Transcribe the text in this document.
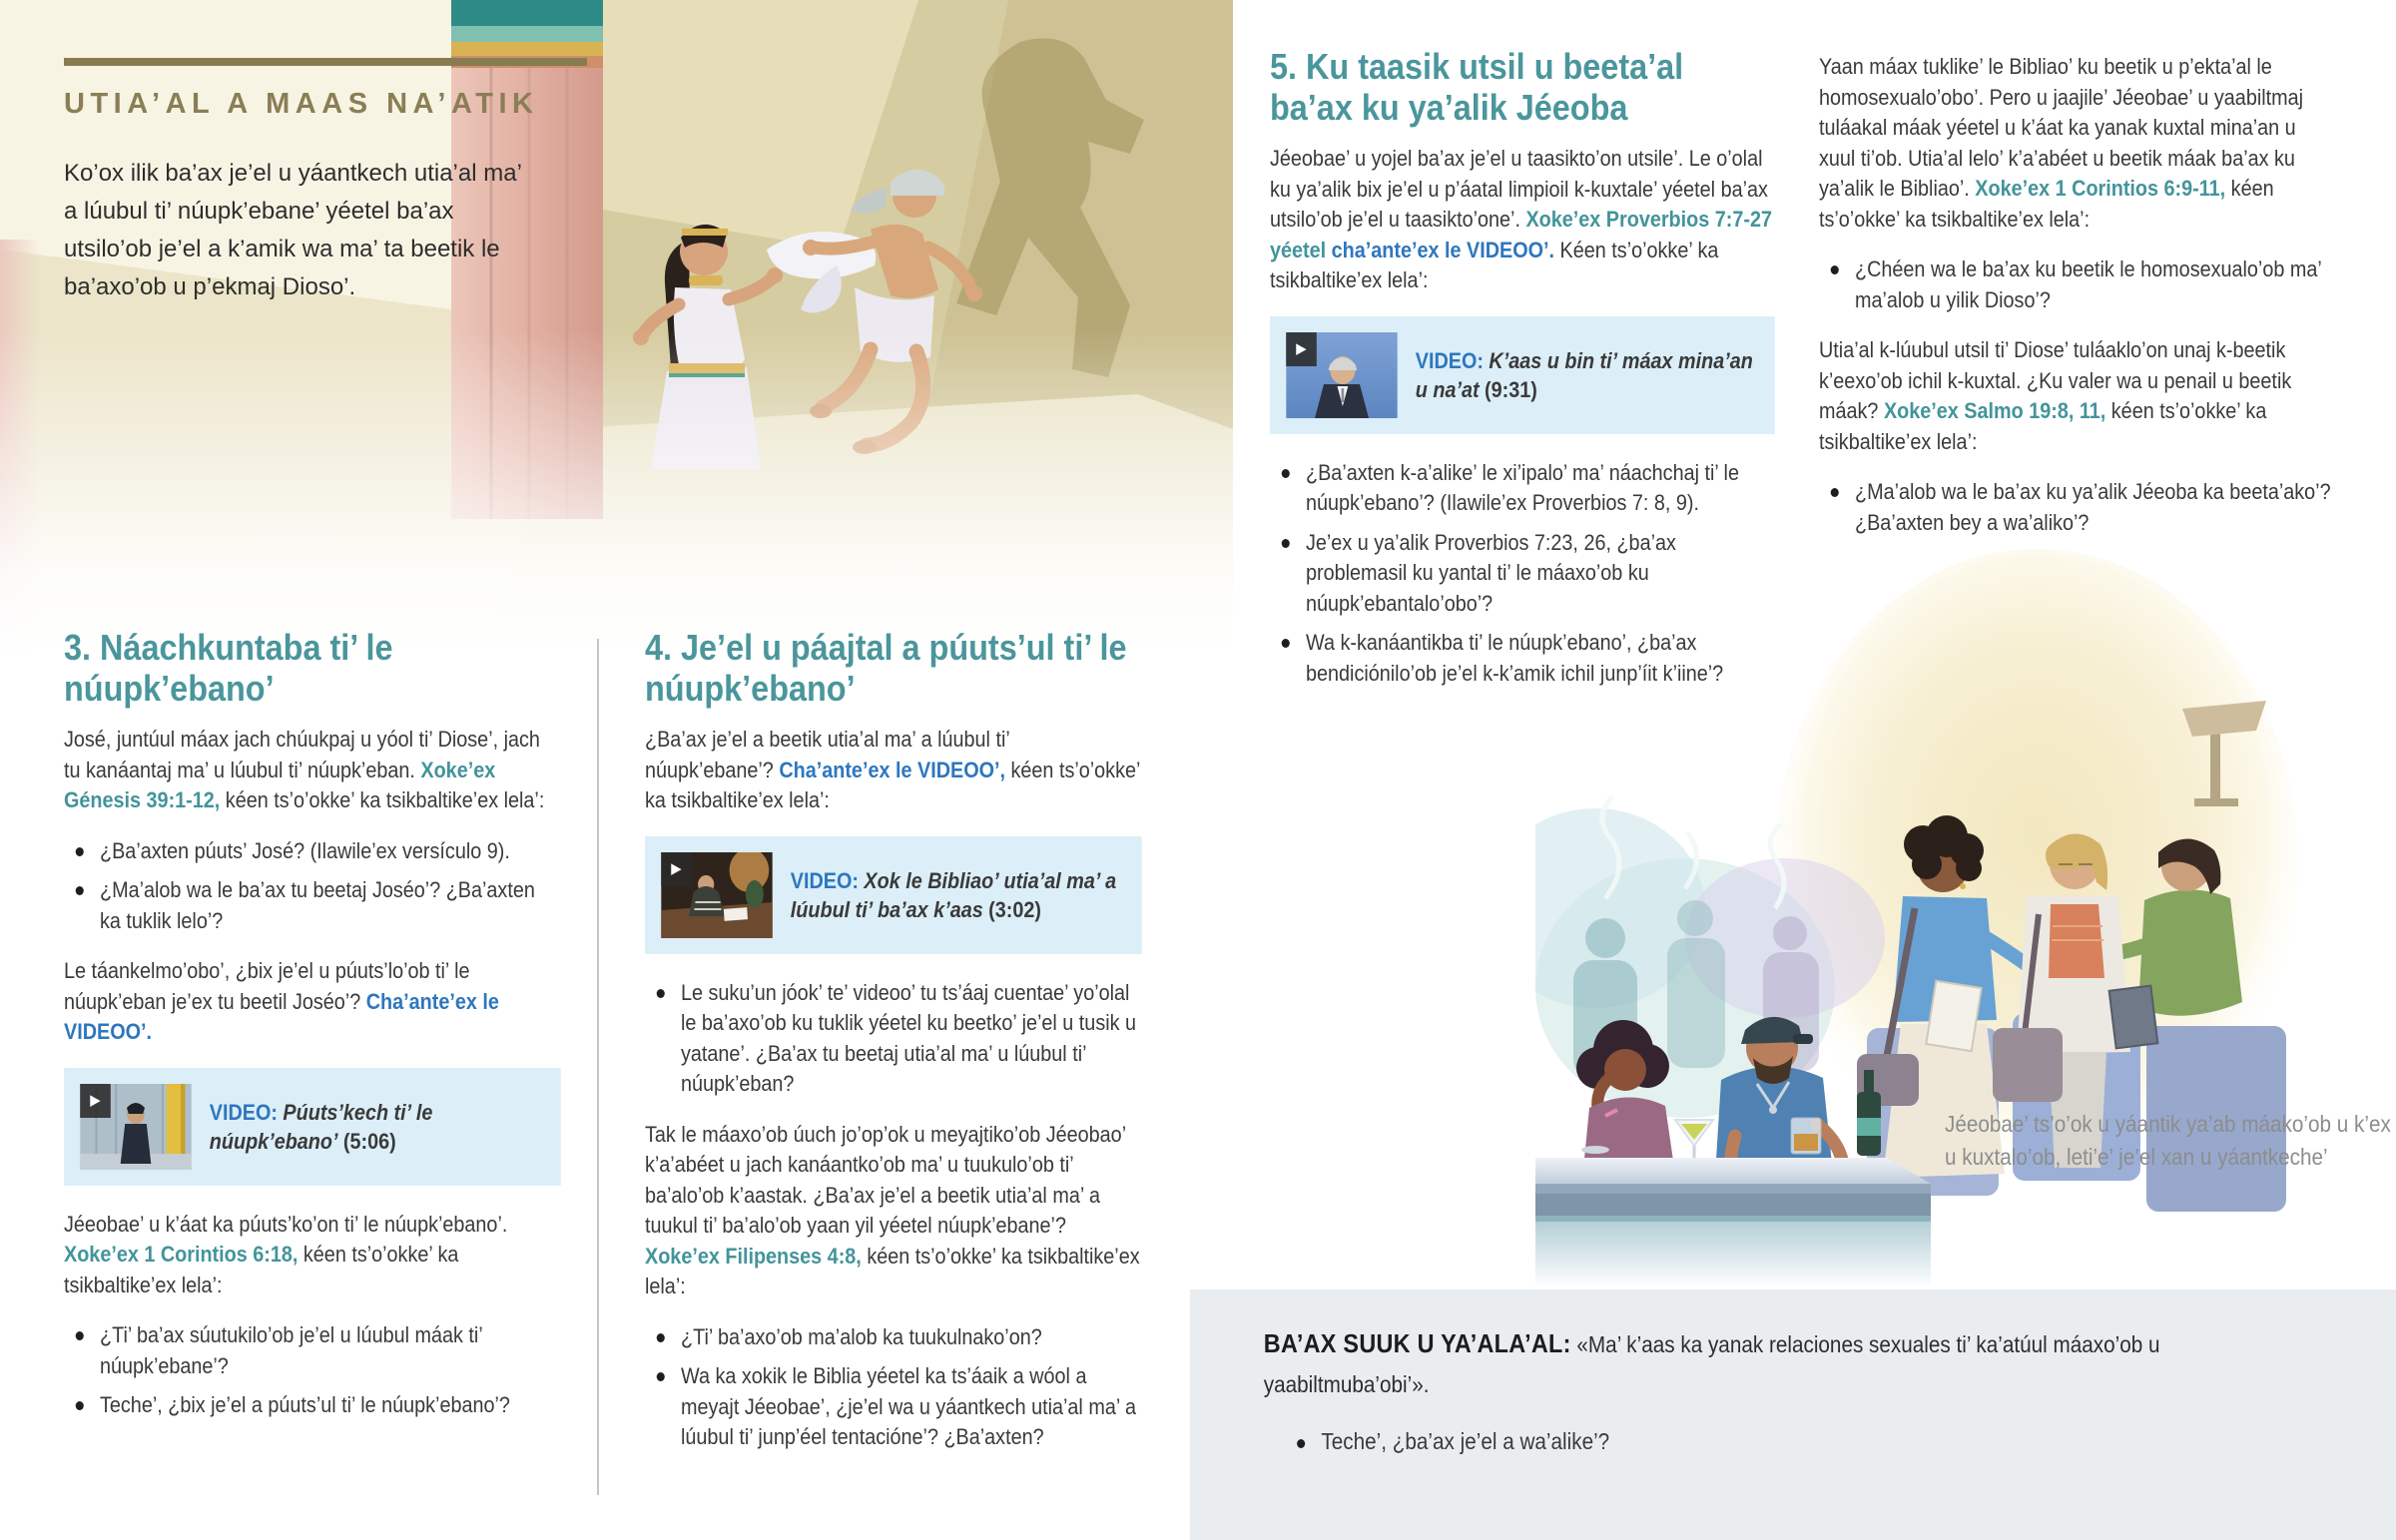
UTIA’AL A MAAS NA’ATIK
Ko’ox ilik ba’ax je’el u yáantkech utia’al ma’ a lúubul ti’ núupk’ebane’ yéetel ba’ax utsilo’ob je’el a k’amik wa ma’ ta beetik le ba’axo’ob u p’ekmaj Dioso’.
3. Náachkuntaba ti’ le núupk’ebano’

José, juntúul máax jach chúukpaj u yóol ti’ Diose’, jach tu kanáantaj ma’ u lúubul ti’ núupk’eban. Xoke’ex Génesis 39:1-12, kéen ts’o’okke’ ka tsikbaltike’ex lela’:

¿Ba’axten púuts’ José? (Ilawile’ex versículo 9).
¿Ma’alob wa le ba’ax tu beetaj Joséo’? ¿Ba’axten ka tuklik lelo’?

Le táankelmo’obo’, ¿bix je’el u púuts’lo’ob ti’ le núupk’eban je’ex tu beetil Joséo’? Cha’ante’ex le VIDEOO’.

▶	VIDEO: Púuts’kech ti’ le núupk’ebano’ (5:06)

Jéeobae’ u k’áat ka púuts’ko’on ti’ le núupk’ebano’. Xoke’ex 1 Corintios 6:18, kéen ts’o’okke’ ka tsikbaltike’ex lela’:

¿Ti’ ba’ax súutukilo’ob je’el u lúubul máak ti’ núupk’ebane’?
Teche’, ¿bix je’el a púuts’ul ti’ le núupk’ebano’?
4. Je’el u páajtal a púuts’ul ti’ le núupk’ebano’

¿Ba’ax je’el a beetik utia’al ma’ a lúubul ti’ núupk’ebane’? Cha’ante’ex le VIDEOO’, kéen ts’o’okke’ ka tsikbaltike’ex lela’:

▶	VIDEO: Xok le Bibliao’ utia’al ma’ a lúubul ti’ ba’ax k’aas (3:02)
Le suku’un jóok’ te’ videoo’ tu ts’áaj cuentae’ yo’olal le ba’axo’ob ku tuklik yéetel ku beetko’ je’el u tusik u yatane’. ¿Ba’ax tu beetaj utia’al ma’ u lúubul ti’ núupk’eban?

Tak le máaxo’ob úuch jo’op’ok u meyajtiko’ob Jéeobao’ k’a’abéet u jach kanáantko’ob ma’ u tuukulo’ob ti’ ba’alo’ob k’aastak. ¿Ba’ax je’el a beetik utia’al ma’ a tuukul ti’ ba’alo’ob yaan yil yéetel núupk’ebane’? Xoke’ex Filipenses 4:8, kéen ts’o’okke’ ka tsikbaltike’ex lela’:

¿Ti’ ba’axo’ob ma’alob ka tuukulnako’on?
Wa ka xokik le Biblia yéetel ka ts’áaik a wóol a meyajt Jéeobae’, ¿je’el wa u yáantkech utia’al ma’ a lúubul ti’ junp’éel tentacióne’? ¿Ba’axten?
5. Ku taasik utsil u beeta’al ba’ax ku ya’alik Jéeoba

Jéeobae’ u yojel ba’ax je’el u taasikto’on utsile’. Le o’olal ku ya’alik bix je’el u p’áatal limpioil k-kuxtale’ yéetel ba’ax utsilo’ob je’el u taasikto’one’. Xoke’ex Proverbios 7:7-27 yéetel cha’ante’ex le VIDEOO’. Kéen ts’o’okke’ ka tsikbaltike’ex lela’:

▶	VIDEO: K’aas u bin ti’ máax mina’an u na’at (9:31)
¿Ba’axten k-a’alike’ le xi’ipalo’ ma’ náachchaj ti’ le núupk’ebano’? (Ilawile’ex Proverbios 7: 8, 9).
Je’ex u ya’alik Proverbios 7:23, 26, ¿ba’ax problemasil ku yantal ti’ le máaxo’ob ku núupk’ebantalo’obo’?
Wa k-kanáantikba ti’ le núupk’ebano’, ¿ba’ax bendiciónilo’ob je’el k-k’amik ichil junp’íit k’iine’?

Yaan máax tuklike’ le Bibliao’ ku beetik u p’ekta’al le homosexualo’obo’. Pero u jaajile’ Jéeobae’ u yaabiltmaj tuláakal máak yéetel u k’áat ka yanak kuxtal mina’an u xuul ti’ob. Utia’al lelo’ k’a’abéet u beetik máak ba’ax ku ya’alik le Bibliao’. Xoke’ex 1 Corintios 6:9-11, kéen ts’o’okke’ ka tsikbaltike’ex lela’:

¿Chéen wa le ba’ax ku beetik le homosexualo’ob ma’ ma’alob u yilik Dioso’?

Utia’al k-lúubul utsil ti’ Diose’ tuláaklo’on unaj k-beetik k’eexo’ob ichil k-kuxtal. ¿Ku valer wa u penail u beetik máak? Xoke’ex Salmo 19:8, 11, kéen ts’o’okke’ ka tsikbaltike’ex lela’:

¿Ma’alob wa le ba’ax ku ya’alik Jéeoba ka beeta’ako’? ¿Ba’axten bey a wa’aliko’?
Jéeobae’ ts’o’ok u yáantik ya’ab máako’ob u k’ex u kuxtalo’ob, leti’e’ je’el xan u yáantkeche’

BA’AX SUUK U YA’ALA’AL: «Ma’ k’aas ka yanak relaciones sexuales ti’ ka’atúul máaxo’ob u yaabiltmuba’obi’».

Teche’, ¿ba’ax je’el a wa’alike’?
